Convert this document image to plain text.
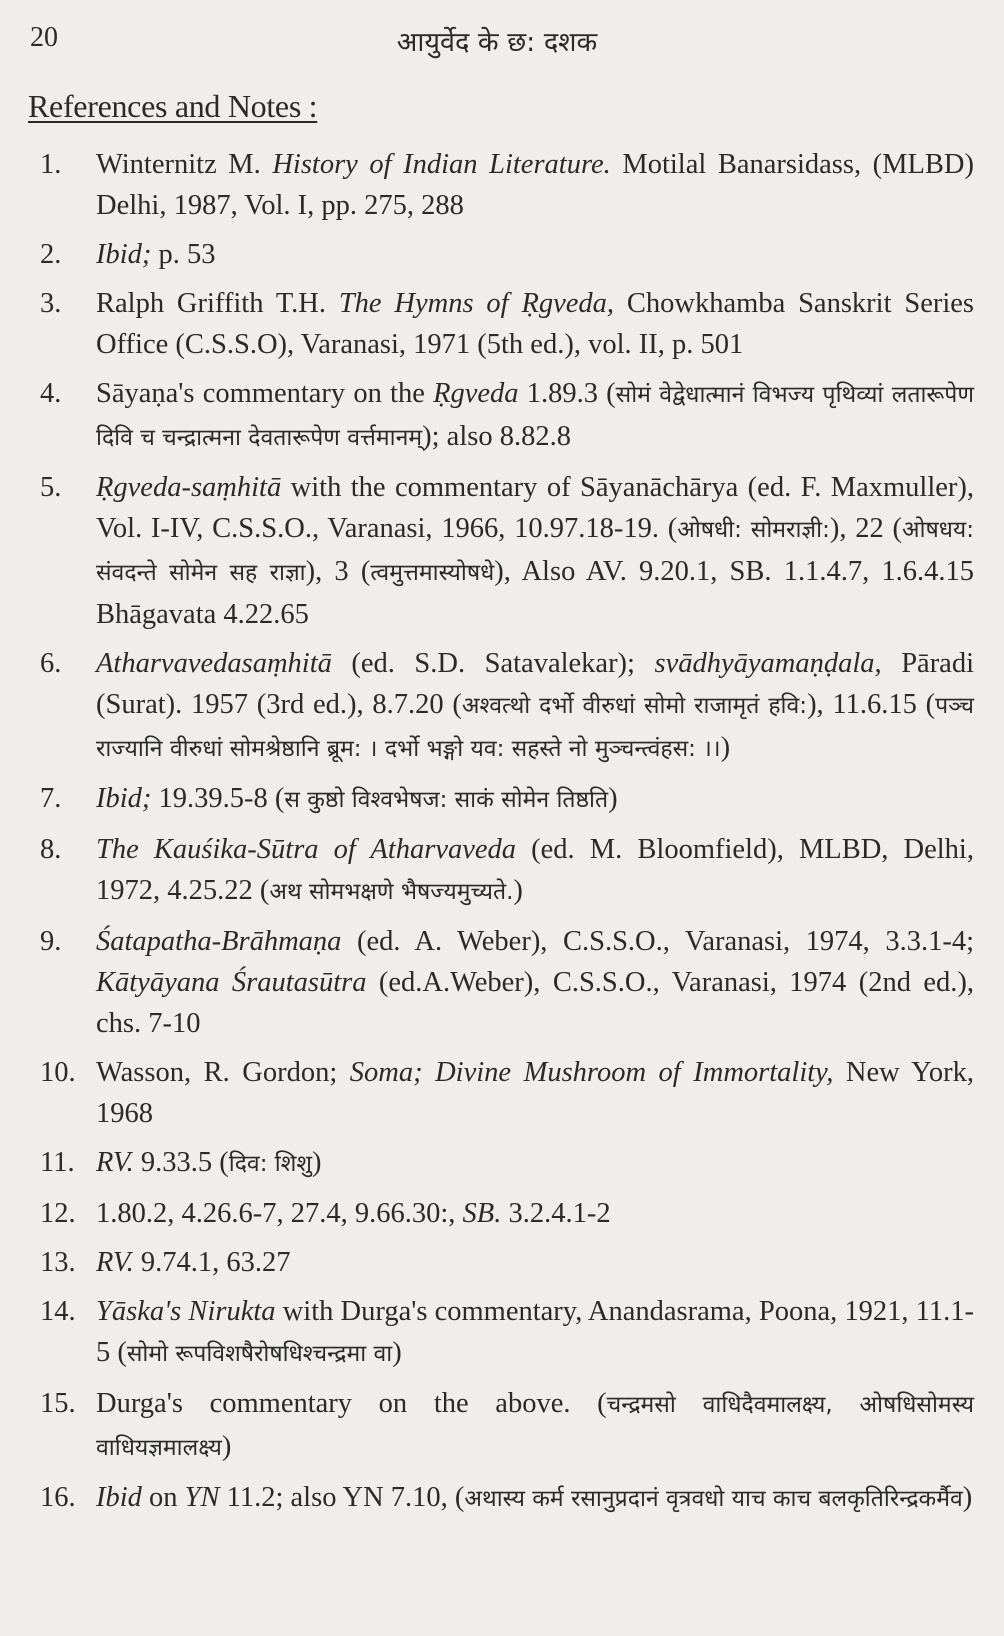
20	आयुर्वेद के छ: दशक
References and Notes :
1.	Winternitz M. History of Indian Literature. Motilal Banarsidass, (MLBD) Delhi, 1987, Vol. I, pp. 275, 288
2.	Ibid; p. 53
3.	Ralph Griffith T.H. The Hymns of Ṛgveda, Chowkhamba Sanskrit Series Office (C.S.S.O), Varanasi, 1971 (5th ed.), vol. II, p. 501
4.	Sāyaṇa's commentary on the Ṛgveda 1.89.3 (सोमं वेद्वेधात्मानं विभज्य पृथिव्यां लतारूपेण दिवि च चन्द्रात्मना देवतारूपेण वर्त्तमानम्); also 8.82.8
5.	Ṛgveda-saṃhitā with the commentary of Sāyanāchārya (ed. F. Maxmuller), Vol. I-IV, C.S.S.O., Varanasi, 1966, 10.97.18-19. (ओषधी: सोमराज्ञी:), 22 (ओषधय: संवदन्ते सोमेन सह राज्ञा), 3 (त्वमुत्तमास्योषधे), Also AV. 9.20.1, SB. 1.1.4.7, 1.6.4.15 Bhāgavata 4.22.65
6.	Atharvavedasaṃhitā (ed. S.D. Satavalekar); svādhyāyamaṇḍala, Pāradi (Surat). 1957 (3rd ed.), 8.7.20 (अश्वत्थो दर्भो वीरुधां सोमो राजामृतं हवि:), 11.6.15 (पञ्च राज्यानि वीरुधां सोमश्रेष्ठानि ब्रूम: । दर्भो भङ्गो यव: सहस्ते नो मुञ्चन्त्वंहस: ।।)
7.	Ibid; 19.39.5-8 (स कुष्ठो विश्वभेषज: साकं सोमेन तिष्ठति)
8.	The Kauśika-Sūtra of Atharvaveda (ed. M. Bloomfield), MLBD, Delhi, 1972, 4.25.22 (अथ सोमभक्षणे भैषज्यमुच्यते.)
9.	Śatapatha-Brāhmaṇa (ed. A. Weber), C.S.S.O., Varanasi, 1974, 3.3.1-4; Kātyāyana Śrautasūtra (ed.A.Weber), C.S.S.O., Varanasi, 1974 (2nd ed.), chs. 7-10
10. Wasson, R. Gordon; Soma; Divine Mushroom of Immortality, New York, 1968
11. RV. 9.33.5 (दिव: शिशु)
12. 1.80.2, 4.26.6-7, 27.4, 9.66.30:, SB. 3.2.4.1-2
13. RV. 9.74.1, 63.27
14. Yāska's Nirukta with Durga's commentary, Anandasrama, Poona, 1921, 11.1-5 (सोमो रूपविशषैरोषधिश्चन्द्रमा वा)
15. Durga's commentary on the above. (चन्द्रमसो वाधिदैवमालक्ष्य, ओषधिसोमस्य वाधियज्ञमालक्ष्य)
16. Ibid on YN 11.2; also YN 7.10, (अथास्य कर्म रसानुप्रदानं वृत्रवधो याच काच बलकृतिरिन्द्रकर्मैव)
